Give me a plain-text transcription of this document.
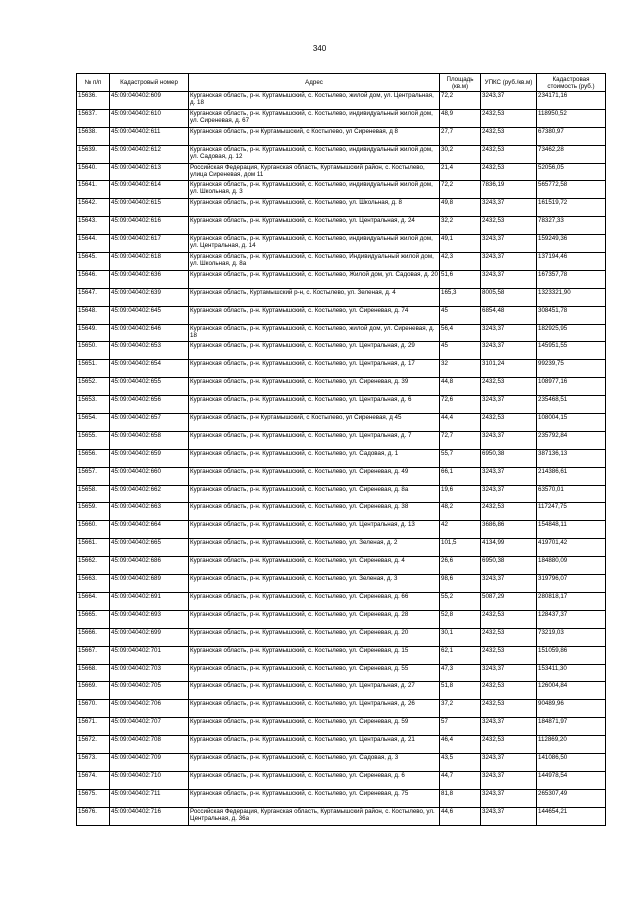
340
№ п/п	Кадастровый номер	Адрес	Площадь (кв.м)	УПКС (руб./кв.м)	Кадастровая стоимость (руб.)
15636.	45:09:040402:609	Курганская область, р-н. Куртамышский, с. Костылево, жилой дом, ул. Центральная, д. 18	72,2	3243,37	234171,16
15637.	45:09:040402:610	Курганская область, р-н. Куртамышский, с. Костылево, индивидуальный жилой дом, ул. Сиреневая, д. 67	48,9	2432,53	118950,52
15638.	45:09:040402:611	Курганская область, р-н Куртамышский, с Костылево, ул Сиреневая, д 8	27,7	2432,53	67380,97
15639.	45:09:040402:612	Курганская область, р-н. Куртамышский, с. Костылево, индивидуальный жилой дом, ул. Садовая, д. 12	30,2	2432,53	73462,28
15640.	45:09:040402:613	Российская Федерация, Курганская область, Куртамышский район, с. Костылево, улица Сиреневая, дом 11	21,4	2432,53	52056,05
15641.	45:09:040402:614	Курганская область, р-н. Куртамышский, с. Костылево, индивидуальный жилой дом, ул. Школьная, д. 3	72,2	7836,19	565772,58
15642.	45:09:040402:615	Курганская область, р-н. Куртамышский, с. Костылево, ул. Школьная, д. 8	49,8	3243,37	161519,72
15643.	45:09:040402:616	Курганская область, р-н. Куртамышский, с. Костылево, ул. Центральная, д. 24	32,2	2432,53	78327,33
15644.	45:09:040402:617	Курганская область, р-н. Куртамышский, с. Костылево, индивидуальный жилой дом, ул. Центральная, д. 14	49,1	3243,37	159249,36
15645.	45:09:040402:618	Курганская область, р-н. Куртамышский, с. Костылево, Индивидуальный жилой дом, ул. Школьная, д. 8а	42,3	3243,37	137194,46
15646.	45:09:040402:636	Курганская область, р-н. Куртамышский, с. Костылево, Жилой дом, ул. Садовая, д. 20	51,6	3243,37	167357,78
15647.	45:09:040402:639	Курганская область, Куртамышский р-н, с. Костылево, ул. Зеленая, д. 4	165,3	8005,58	1323321,90
15648.	45:09:040402:645	Курганская область, р-н. Куртамышский, с. Костылево, ул. Сиреневая, д. 74	45	6854,48	308451,78
15649.	45:09:040402:646	Курганская область, р-н. Куртамышский, с. Костылево, жилой дом, ул. Сиреневая, д. 18	56,4	3243,37	182925,95
15650.	45:09:040402:653	Курганская область, р-н. Куртамышский, с. Костылево, ул. Центральная, д. 29	45	3243,37	145951,55
15651.	45:09:040402:654	Курганская область, р-н. Куртамышский, с. Костылево, ул. Центральная, д. 17	32	3101,24	99239,75
15652.	45:09:040402:655	Курганская область, р-н. Куртамышский, с. Костылево, ул. Сиреневая, д. 39	44,8	2432,53	108977,16
15653.	45:09:040402:656	Курганская область, р-н. Куртамышский, с. Костылево, ул. Центральная, д. 6	72,6	3243,37	235468,51
15654.	45:09:040402:657	Курганская область, р-н Куртамышский, с Костылево, ул Сиреневая, д 45	44,4	2432,53	108004,15
15655.	45:09:040402:658	Курганская область, р-н. Куртамышский, с. Костылево, ул. Центральная, д. 7	72,7	3243,37	235792,84
15656.	45:09:040402:659	Курганская область, р-н. Куртамышский, с. Костылево, ул. Садовая, д. 1	55,7	6950,38	387136,13
15657.	45:09:040402:660	Курганская область, р-н. Куртамышский, с. Костылево, ул. Сиреневая, д. 49	66,1	3243,37	214386,61
15658.	45:09:040402:662	Курганская область, р-н. Куртамышский, с. Костылево, ул. Сиреневая, д. 8а	19,6	3243,37	63570,01
15659.	45:09:040402:663	Курганская область, р-н. Куртамышский, с. Костылево, ул. Сиреневая, д. 38	48,2	2432,53	117247,75
15660.	45:09:040402:664	Курганская область, р-н. Куртамышский, с. Костылево, ул. Центральная, д. 13	42	3686,86	154848,11
15661.	45:09:040402:665	Курганская область, р-н. Куртамышский, с. Костылево, ул. Зеленая, д. 2	101,5	4134,99	419701,42
15662.	45:09:040402:686	Курганская область, р-н. Куртамышский, с. Костылево, ул. Сиреневая, д. 4	26,6	6950,38	184880,09
15663.	45:09:040402:689	Курганская область, р-н. Куртамышский, с. Костылево, ул. Зеленая, д. 3	98,6	3243,37	319796,07
15664.	45:09:040402:691	Курганская область, р-н. Куртамышский, с. Костылево, ул. Сиреневая, д. 66	55,2	5087,29	280818,17
15665.	45:09:040402:693	Курганская область, р-н. Куртамышский, с. Костылево, ул. Сиреневая, д. 28	52,8	2432,53	128437,37
15666.	45:09:040402:699	Курганская область, р-н. Куртамышский, с. Костылево, ул. Сиреневая, д. 20	30,1	2432,53	73219,03
15667.	45:09:040402:701	Курганская область, р-н. Куртамышский, с. Костылево, ул. Сиреневая, д. 15	62,1	2432,53	151059,86
15668.	45:09:040402:703	Курганская область, р-н. Куртамышский, с. Костылево, ул. Сиреневая, д. 55	47,3	3243,37	153411,30
15669.	45:09:040402:705	Курганская область, р-н. Куртамышский, с. Костылево, ул. Центральная, д. 27	51,8	2432,53	126004,84
15670.	45:09:040402:706	Курганская область, р-н. Куртамышский, с. Костылево, ул. Центральная, д. 26	37,2	2432,53	90489,96
15671.	45:09:040402:707	Курганская область, р-н. Куртамышский, с. Костылево, ул. Сиреневая, д. 59	57	3243,37	184871,97
15672.	45:09:040402:708	Курганская область, р-н. Куртамышский, с. Костылево, ул. Центральная, д. 21	46,4	2432,53	112869,20
15673.	45:09:040402:709	Курганская область, р-н. Куртамышский, с. Костылево, ул. Садовая, д. 3	43,5	3243,37	141086,50
15674.	45:09:040402:710	Курганская область, р-н. Куртамышский, с. Костылево, ул. Сиреневая, д. 6	44,7	3243,37	144978,54
15675.	45:09:040402:711	Курганская область, р-н. Куртамышский, с. Костылево, ул. Сиреневая, д. 75	81,8	3243,37	265307,49
15676.	45:09:040402:716	Российская Федерация, Курганская область, Куртамышский район, с. Костылево, ул. Центральная, д. 36а	44,6	3243,37	144654,21
